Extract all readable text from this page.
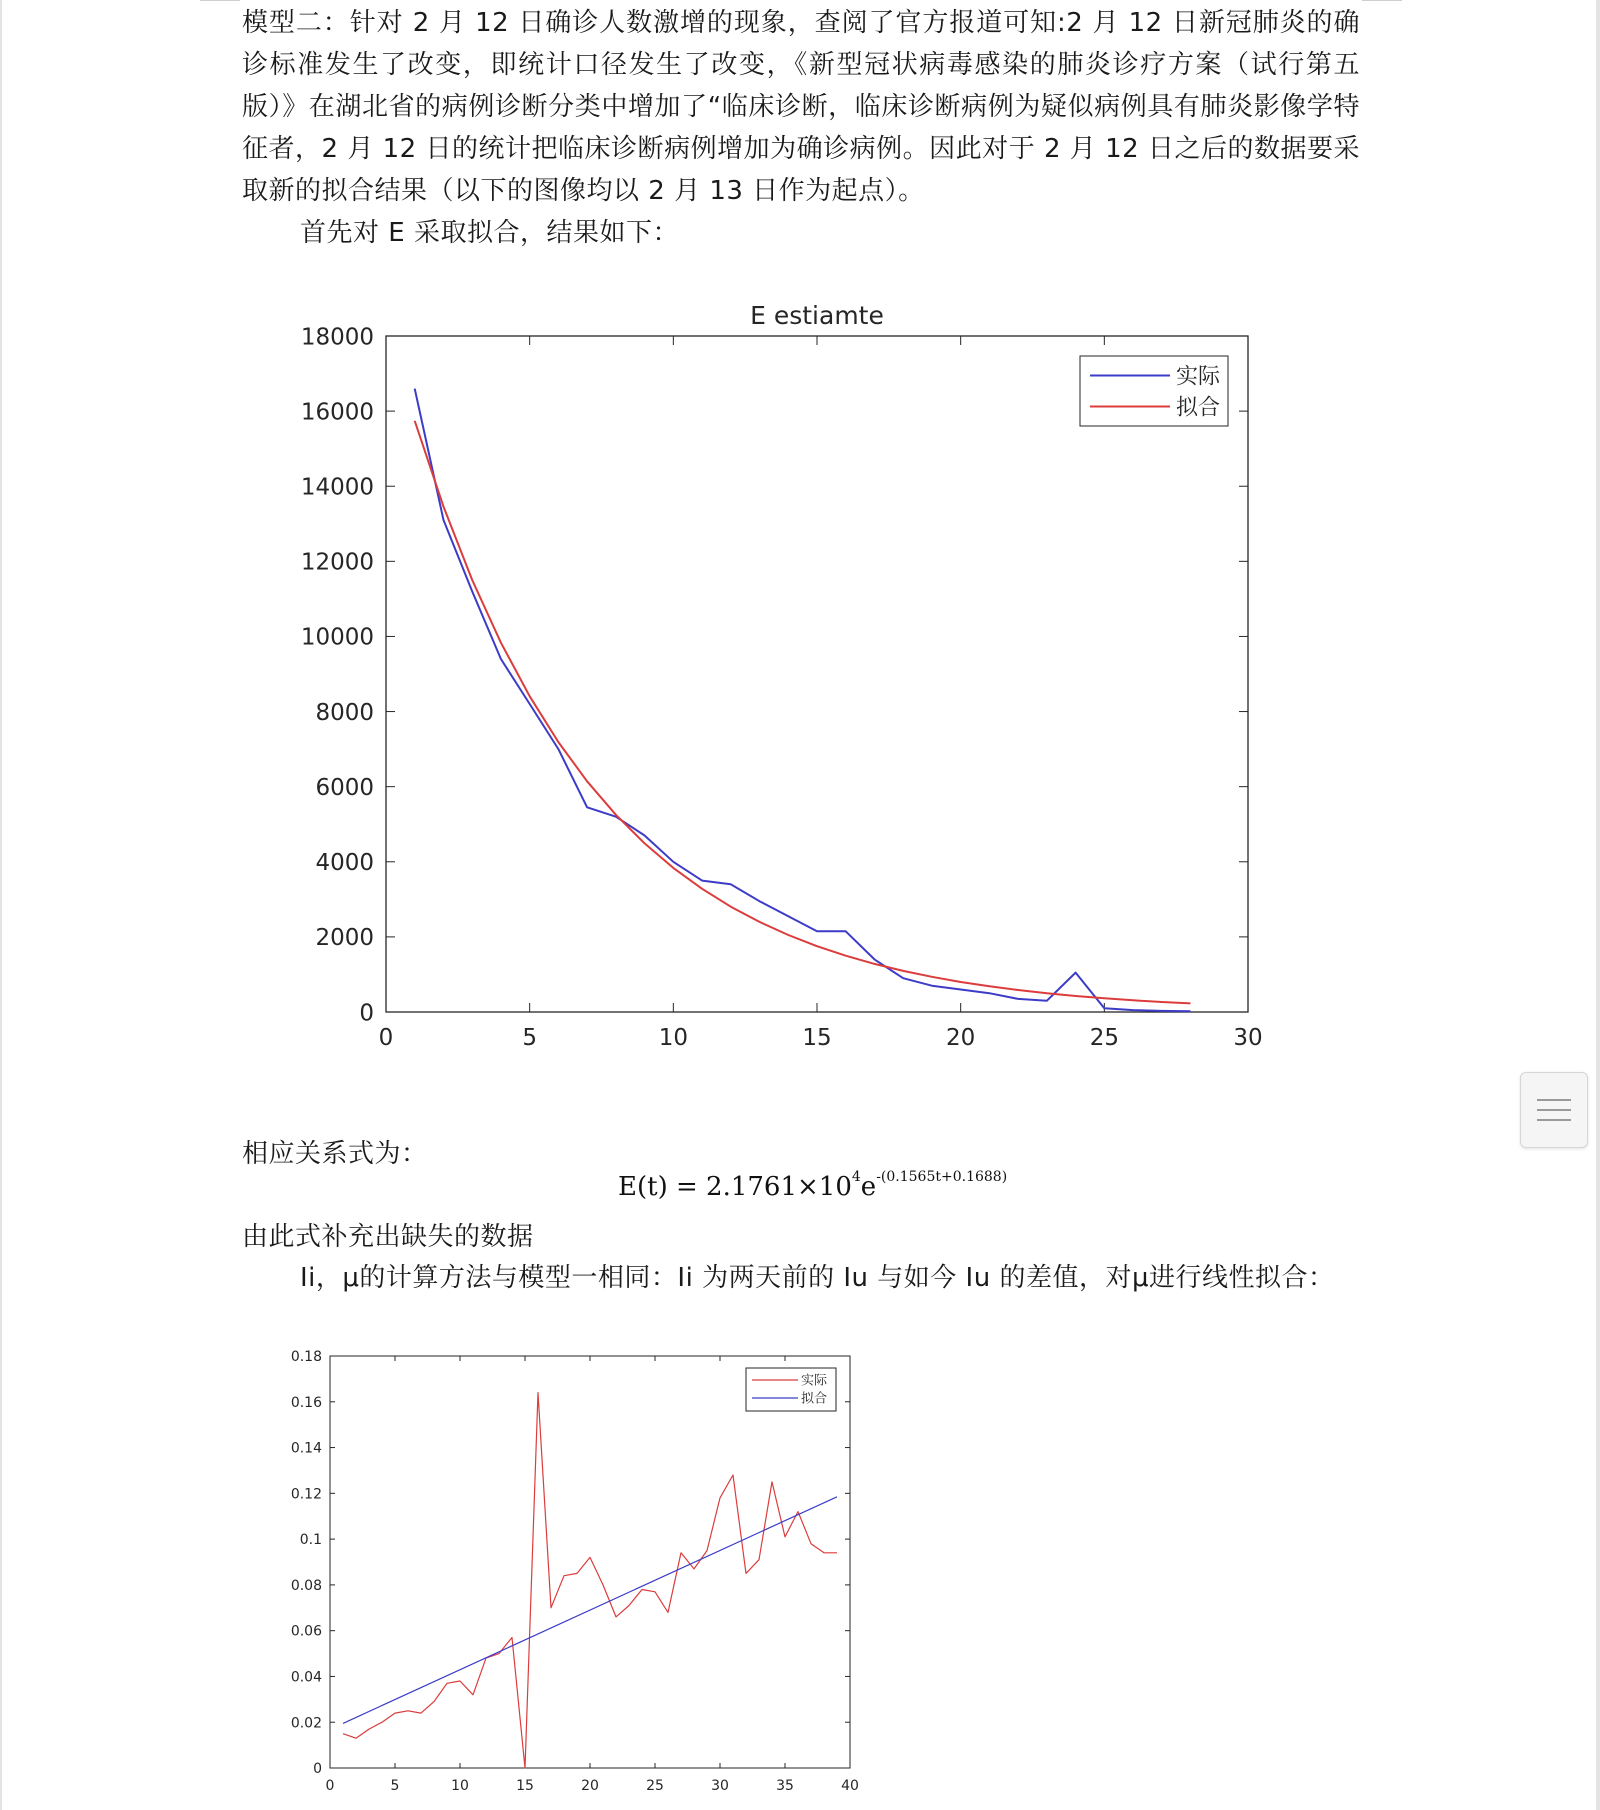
模型二：针对 2 月 12 日确诊人数激增的现象，查阅了官方报道可知:2 月 12 日新冠肺炎的确诊标准发生了改变，即统计口径发生了改变，《新型冠状病毒感染的肺炎诊疗方案（试行第五版）》在湖北省的病例诊断分类中增加了“临床诊断，临床诊断病例为疑似病例具有肺炎影像学特征者，2 月 12 日的统计把临床诊断病例增加为确诊病例。因此对于 2 月 12 日之后的数据要采取新的拟合结果（以下的图像均以 2 月 13 日作为起点）。

首先对 E 采取拟合，结果如下：

相应关系式为：

由此式补充出缺失的数据

Ii，μ的计算方法与模型一相同：Ii 为两天前的 Iu 与如今 Iu 的差值，对μ进行线性拟合：

$E(t) = 2.1761\times 10^4e^{-(0.1565t+0.1688)}$
0	5	10	15	20	25	30
0
2000
4000
6000
8000
10000
12000
14000
16000
18000
E estiamte
实际
拟合
0	5	10	15	20	25	30	35	40
0
0.02
0.04
0.06
0.08
0.1
0.12
0.14
0.16
0.18
实际
拟合
